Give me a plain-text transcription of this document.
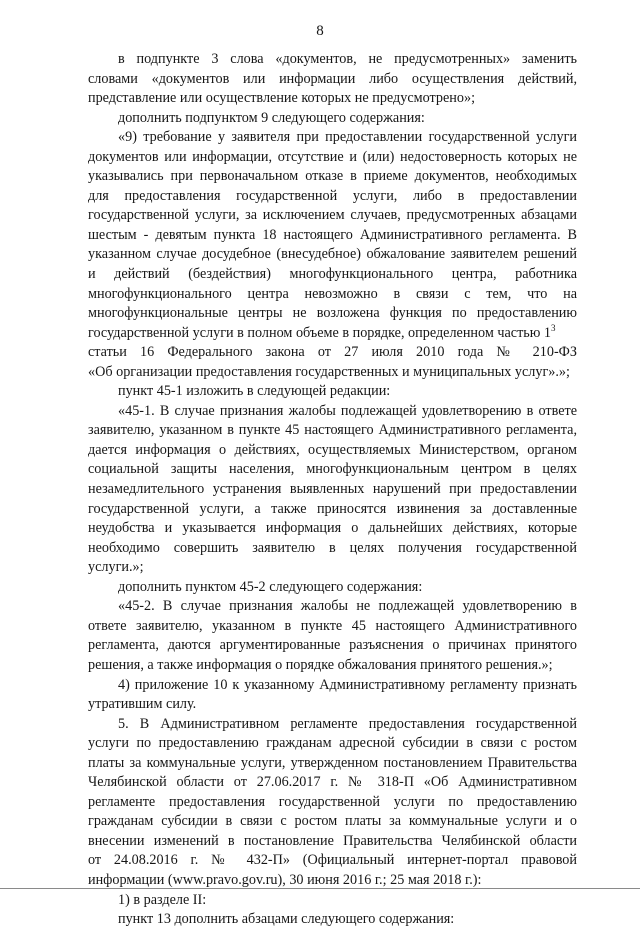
8
в подпункте 3 слова «документов, не предусмотренных» заменить
словами «документов или информации либо осуществления действий,
представление или осуществление которых не предусмотрено»;
дополнить подпунктом 9 следующего содержания:
«9) требование у заявителя при предоставлении государственной услуги
документов или информации, отсутствие и (или) недостоверность которых не
указывались при первоначальном отказе в приеме документов, необходимых
для предоставления государственной услуги, либо в предоставлении
государственной услуги, за исключением случаев, предусмотренных абзацами
шестым - девятым пункта 18 настоящего Административного регламента. В
указанном случае досудебное (внесудебное) обжалование заявителем решений
и действий (бездействия) многофункционального центра, работника
многофункционального центра невозможно в связи с тем, что на
многофункциональные центры не возложена функция по предоставлению
государственной услуги в полном объеме в порядке, определенном частью $1^3$
статьи 16 Федерального закона от 27 июля 2010 года № 210-ФЗ
«Об организации предоставления государственных и муниципальных услуг».»;
пункт 45-1 изложить в следующей редакции:
«45-1. В случае признания жалобы подлежащей удовлетворению в ответе
заявителю, указанном в пункте 45 настоящего Административного регламента,
дается информация о действиях, осуществляемых Министерством, органом
социальной защиты населения, многофункциональным центром в целях
незамедлительного устранения выявленных нарушений при предоставлении
государственной услуги, а также приносятся извинения за доставленные
неудобства и указывается информация о дальнейших действиях, которые
необходимо совершить заявителю в целях получения государственной
услуги.»;
дополнить пунктом 45-2 следующего содержания:
«45-2. В случае признания жалобы не подлежащей удовлетворению в
ответе заявителю, указанном в пункте 45 настоящего Административного
регламента, даются аргументированные разъяснения о причинах принятого
решения, а также информация о порядке обжалования принятого решения.»;
4) приложение 10 к указанному Административному регламенту признать
утратившим силу.
5. В Административном регламенте предоставления государственной
услуги по предоставлению гражданам адресной субсидии в связи с ростом
платы за коммунальные услуги, утвержденном постановлением Правительства
Челябинской области от 27.06.2017 г. № 318-П «Об Административном
регламенте предоставления государственной услуги по предоставлению
гражданам субсидии в связи с ростом платы за коммунальные услуги и о
внесении изменений в постановление Правительства Челябинской области
от 24.08.2016 г. № 432-П» (Официальный интернет-портал правовой
информации (www.pravo.gov.ru), 30 июня 2016 г.; 25 мая 2018 г.):
1) в разделе II:
пункт 13 дополнить абзацами следующего содержания:
